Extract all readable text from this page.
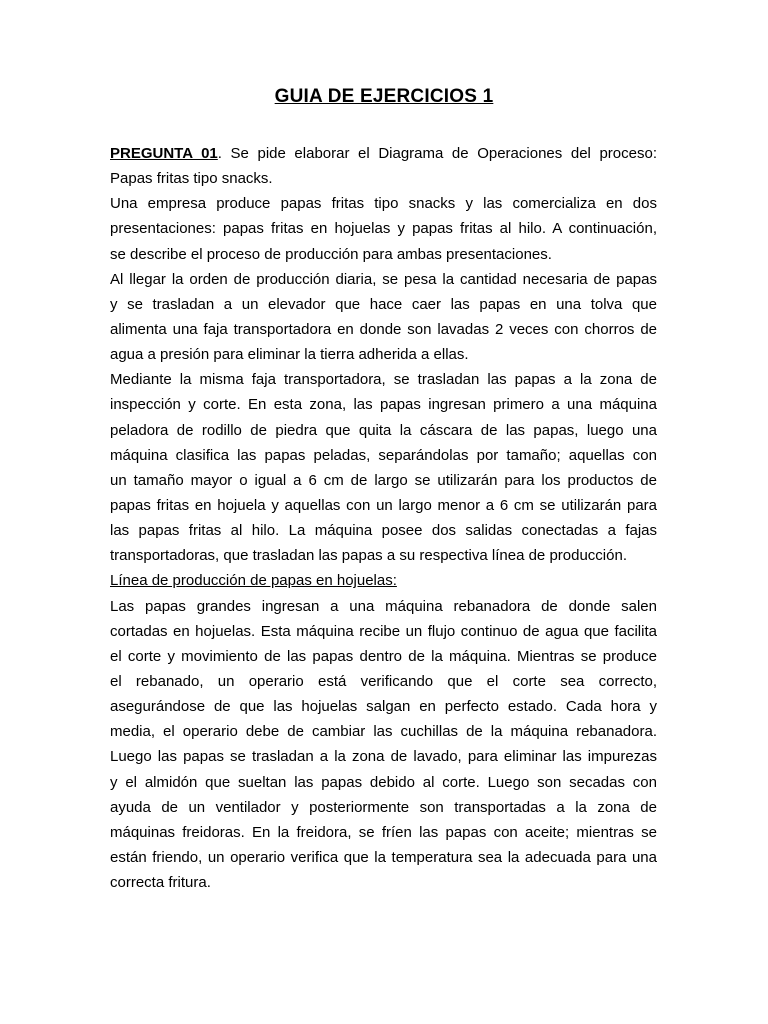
GUIA DE EJERCICIOS 1
PREGUNTA 01. Se pide elaborar el Diagrama de Operaciones del proceso:
Papas fritas tipo snacks.
Una empresa produce papas fritas tipo snacks y las comercializa en dos
presentaciones: papas fritas en hojuelas y papas fritas al hilo. A continuación,
se describe el proceso de producción para ambas presentaciones.
Al llegar la orden de producción diaria, se pesa la cantidad necesaria de papas
y se trasladan a un elevador que hace caer las papas en una tolva que
alimenta una faja transportadora en donde son lavadas 2 veces con chorros de
agua a presión para eliminar la tierra adherida a ellas.
Mediante la misma faja transportadora, se trasladan las papas a la zona de
inspección y corte. En esta zona, las papas ingresan primero a una máquina
peladora de rodillo de piedra que quita la cáscara de las papas, luego una
máquina clasifica las papas peladas, separándolas por tamaño; aquellas con
un tamaño mayor o igual a 6 cm de largo se utilizarán para los productos de
papas fritas en hojuela y aquellas con un largo menor a 6 cm se utilizarán para
las papas fritas al hilo. La máquina posee dos salidas conectadas a fajas
transportadoras, que trasladan las papas a su respectiva línea de producción.
Línea de producción de papas en hojuelas:
Las papas grandes ingresan a una máquina rebanadora de donde salen
cortadas en hojuelas. Esta máquina recibe un flujo continuo de agua que facilita
el corte y movimiento de las papas dentro de la máquina. Mientras se produce
el rebanado, un operario está verificando que el corte sea correcto,
asegurándose de que las hojuelas salgan en perfecto estado. Cada hora y
media, el operario debe de cambiar las cuchillas de la máquina rebanadora.
Luego las papas se trasladan a la zona de lavado, para eliminar las impurezas
y el almidón que sueltan las papas debido al corte. Luego son secadas con
ayuda de un ventilador y posteriormente son transportadas a la zona de
máquinas freidoras. En la freidora, se fríen las papas con aceite; mientras se
están friendo, un operario verifica que la temperatura sea la adecuada para una
correcta fritura.
